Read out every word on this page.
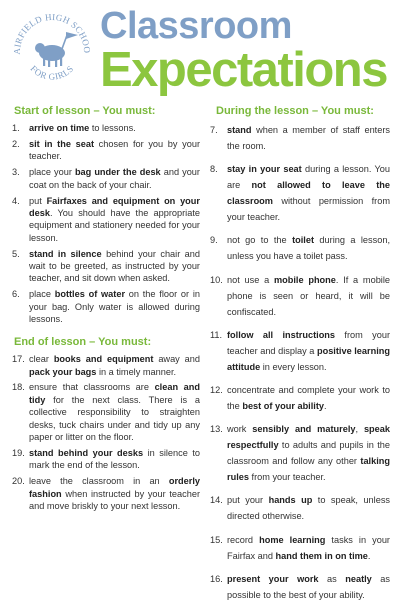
AIRFIELD HIGH SCHOO
FOR GIRLS
Classroom
Expectations
Start of lesson – You must:
1. arrive on time to lessons.
2. sit in the seat chosen for you by your teacher.
3. place your bag under the desk and your coat on the back of your chair.
4. put Fairfaxes and equipment on your desk. You should have the appropriate equipment and stationery needed for your lesson.
5. stand in silence behind your chair and wait to be greeted, as instructed by your teacher, and sit down when asked.
6. place bottles of water on the floor or in your bag. Only water is allowed during lessons.
End of lesson – You must:
17. clear books and equipment away and pack your bags in a timely manner.
18. ensure that classrooms are clean and tidy for the next class. There is a collective responsibility to straighten desks, tuck chairs under and tidy up any paper or litter on the floor.
19. stand behind your desks in silence to mark the end of the lesson.
20. leave the classroom in an orderly fashion when instructed by your teacher and move briskly to your next lesson.
During the lesson – You must:
7. stand when a member of staff enters the room.
8. stay in your seat during a lesson. You are not allowed to leave the classroom without permission from your teacher.
9. not go to the toilet during a lesson, unless you have a toilet pass.
10. not use a mobile phone. If a mobile phone is seen or heard, it will be confiscated.
11. follow all instructions from your teacher and display a positive learning attitude in every lesson.
12. concentrate and complete your work to the best of your ability.
13. work sensibly and maturely, speak respectfully to adults and pupils in the classroom and follow any other talking rules from your teacher.
14. put your hands up to speak, unless directed otherwise.
15. record home learning tasks in your Fairfax and hand them in on time.
16. present your work as neatly as possible to the best of your ability.
